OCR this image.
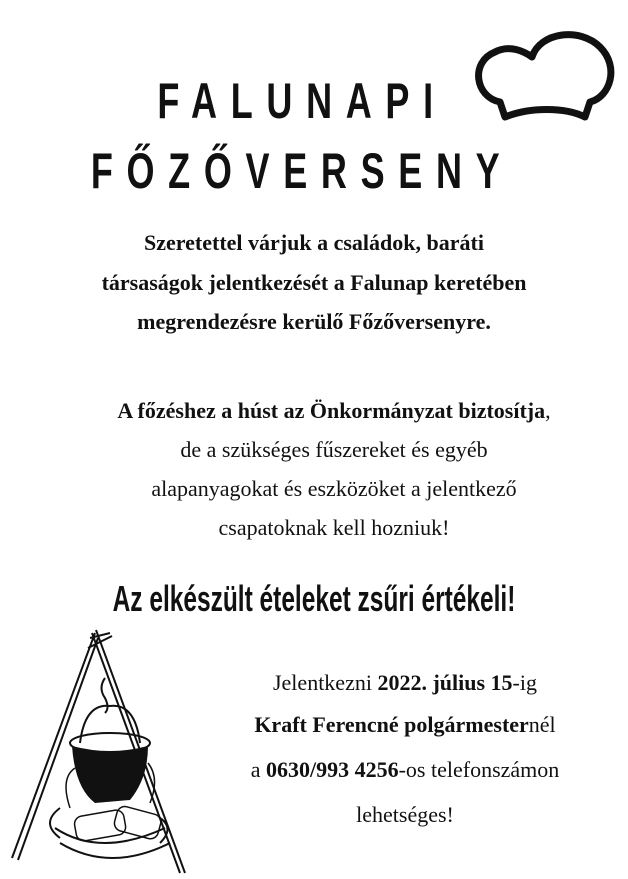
FALUNAPI
FŐZŐVERSENY
Szeretettel várjuk a családok, baráti
társaságok jelentkezését a Falunap keretében
megrendezésre kerülő Főzőversenyre.
A főzéshez a húst az Önkormányzat biztosítja,
de a szükséges fűszereket és egyéb
alapanyagokat és eszközöket a jelentkező
csapatoknak kell hozniuk!
Az elkészült ételeket zsűri értékeli!
Jelentkezni 2022. július 15-ig
Kraft Ferencné polgármesternél
a 0630/993 4256-os telefonszámon
lehetséges!
